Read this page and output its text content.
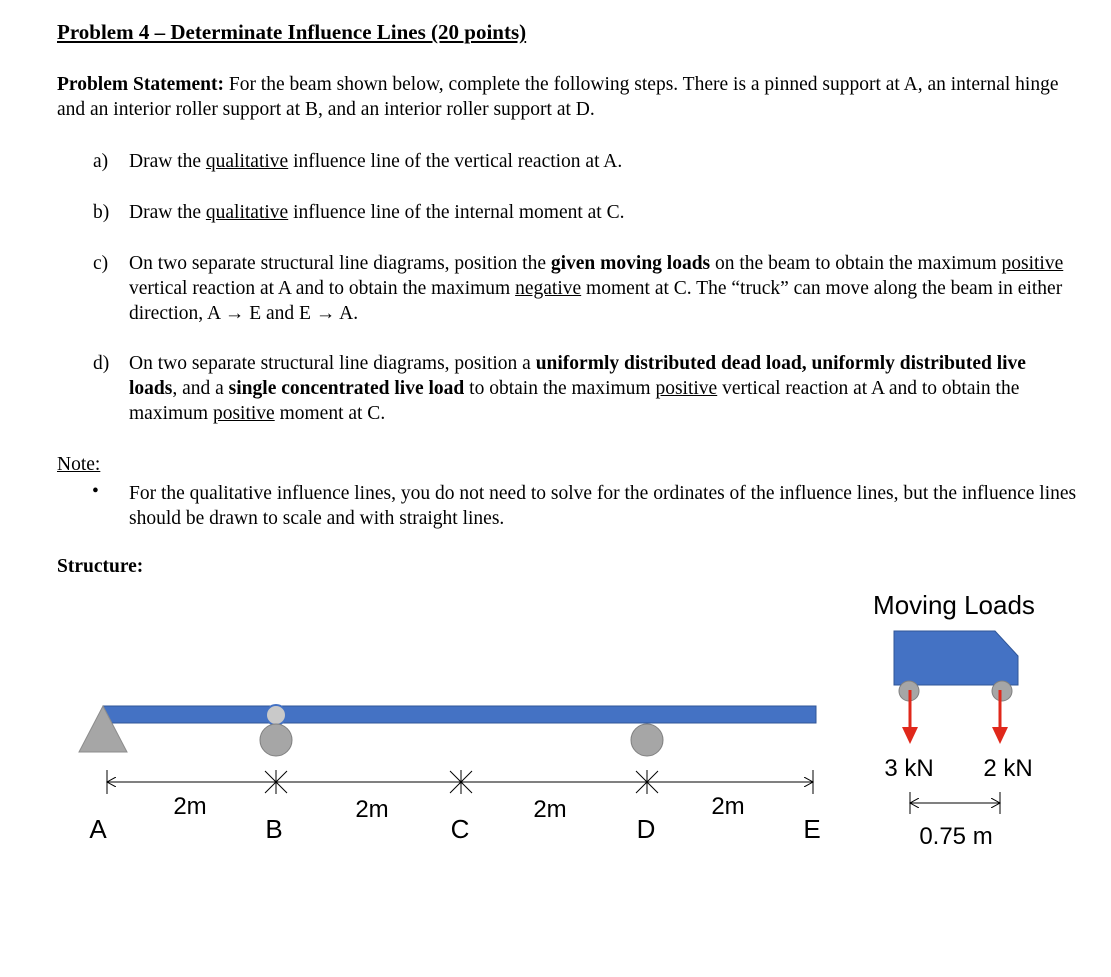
Problem 4 – Determinate Influence Lines (20 points)
Problem Statement: For the beam shown below, complete the following steps. There is a pinned support at A, an internal hinge and an interior roller support at B, and an interior roller support at D.
a) Draw the qualitative influence line of the vertical reaction at A.
b) Draw the qualitative influence line of the internal moment at C.
c) On two separate structural line diagrams, position the given moving loads on the beam to obtain the maximum positive vertical reaction at A and to obtain the maximum negative moment at C. The “truck” can move along the beam in either direction, A → E and E → A.
d) On two separate structural line diagrams, position a uniformly distributed dead load, uniformly distributed live loads, and a single concentrated live load to obtain the maximum positive vertical reaction at A and to obtain the maximum positive moment at C.
Note:
• For the qualitative influence lines, you do not need to solve for the ordinates of the influence lines, but the influence lines should be drawn to scale and with straight lines.
Structure:
2m	2m	2m	2m
A	B	C	D	E
Moving Loads
3 kN 2 kN
0.75 m
